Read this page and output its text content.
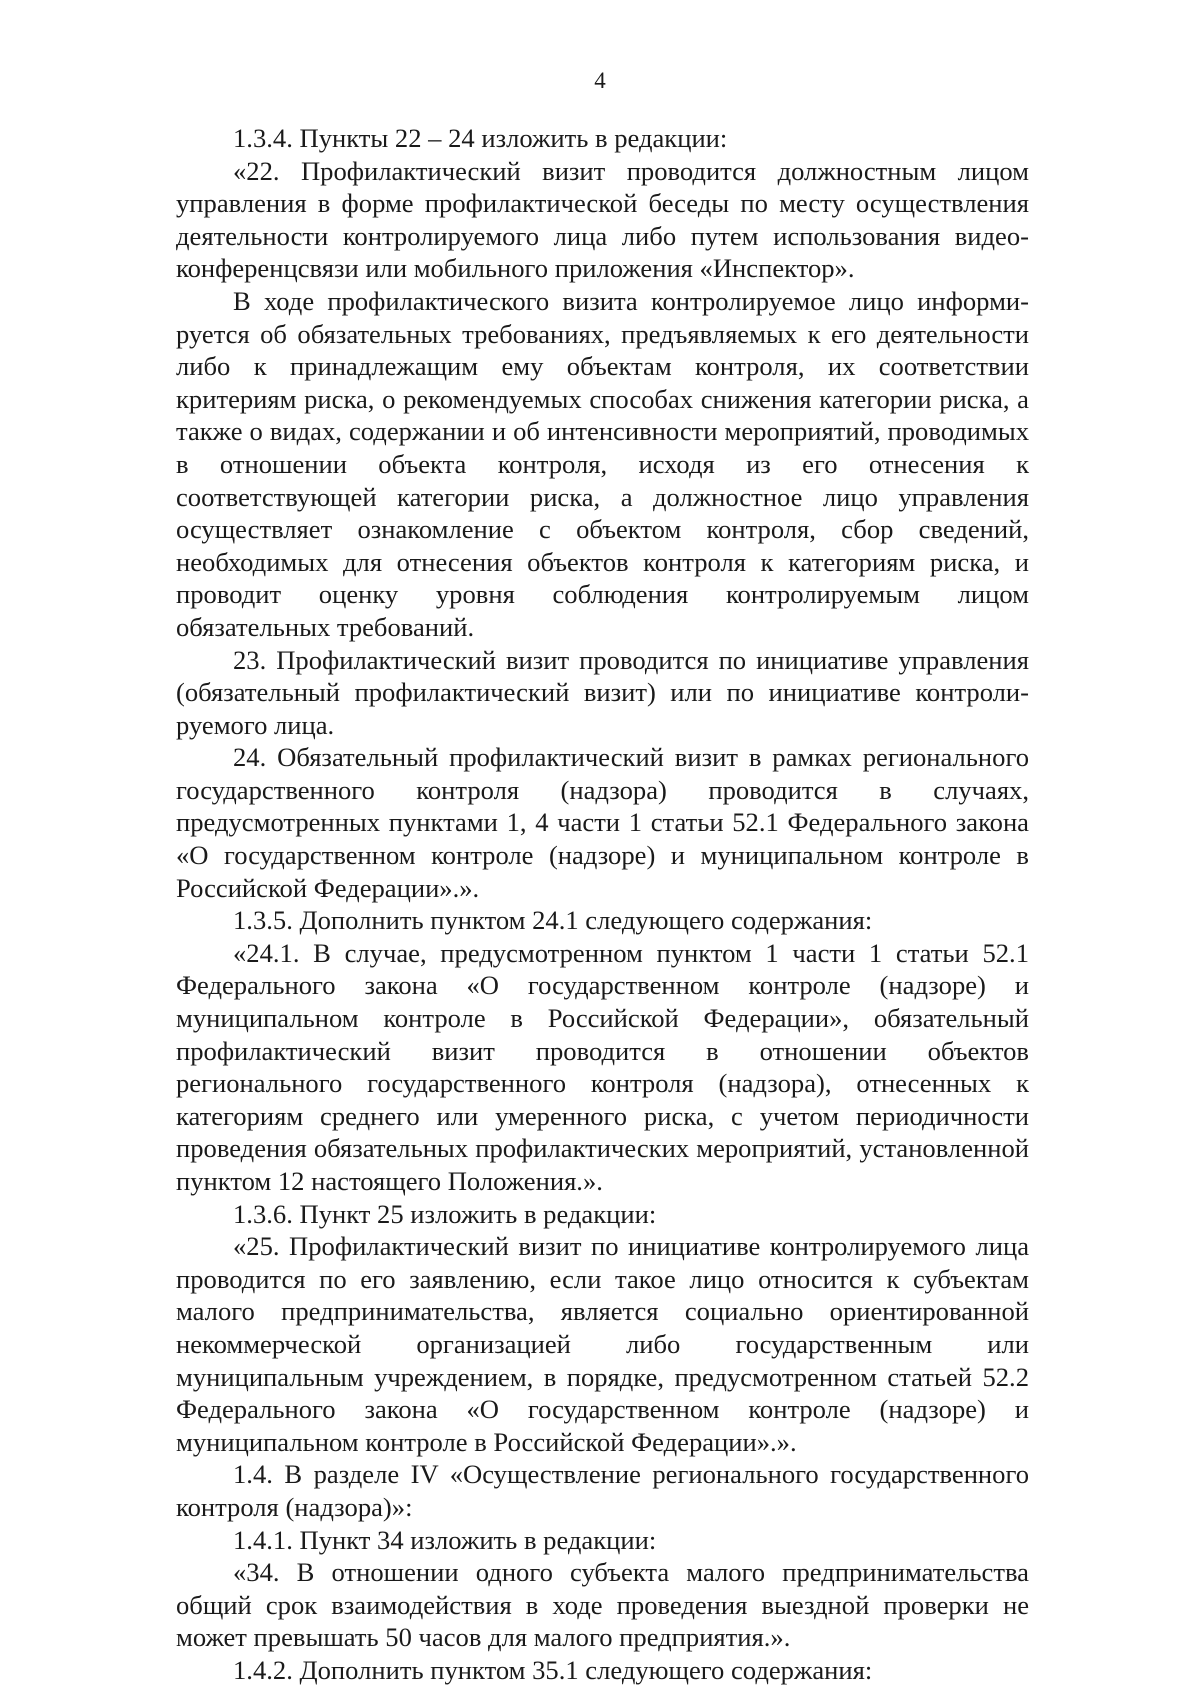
4

1.3.4. Пункты 22 – 24 изложить в редакции:

«22. Профилактический визит проводится должностным лицом управления в форме профилактической беседы по месту осуществления деятельности контролируемого лица либо путем использования видео-конференцсвязи или мобильного приложения «Инспектор».

В ходе профилактического визита контролируемое лицо информируется об обязательных требованиях, предъявляемых к его деятельности либо к принадлежащим ему объектам контроля, их соответствии критериям риска, о рекомендуемых способах снижения категории риска, а также о видах, содержании и об интенсивности мероприятий, проводимых в отношении объекта контроля, исходя из его отнесения к соответствующей категории риска, а должностное лицо управления осуществляет ознакомление с объектом контроля, сбор сведений, необходимых для отнесения объектов контроля к категориям риска, и проводит оценку уровня соблюдения контролируемым лицом обязательных требований.

23. Профилактический визит проводится по инициативе управления (обязательный профилактический визит) или по инициативе контролируемого лица.

24. Обязательный профилактический визит в рамках регионального государственного контроля (надзора) проводится в случаях, предусмотренных пунктами 1, 4 части 1 статьи 52.1 Федерального закона «О государственном контроле (надзоре) и муниципальном контроле в Российской Федерации».».

1.3.5. Дополнить пунктом 24.1 следующего содержания:

«24.1. В случае, предусмотренном пунктом 1 части 1 статьи 52.1 Федерального закона «О государственном контроле (надзоре) и муниципальном контроле в Российской Федерации», обязательный профилактический визит проводится в отношении объектов регионального государственного контроля (надзора), отнесенных к категориям среднего или умеренного риска, с учетом периодичности проведения обязательных профилактических мероприятий, установленной пунктом 12 настоящего Положения.».

1.3.6. Пункт 25 изложить в редакции:

«25. Профилактический визит по инициативе контролируемого лица проводится по его заявлению, если такое лицо относится к субъектам малого предпринимательства, является социально ориентированной некоммерческой организацией либо государственным или муниципальным учреждением, в порядке, предусмотренном статьей 52.2 Федерального закона «О государственном контроле (надзоре) и муниципальном контроле в Российской Федерации».».

1.4. В разделе IV «Осуществление регионального государственного контроля (надзора)»:

1.4.1. Пункт 34 изложить в редакции:

«34. В отношении одного субъекта малого предпринимательства общий срок взаимодействия в ходе проведения выездной проверки не может превышать 50 часов для малого предприятия.».

1.4.2. Дополнить пунктом 35.1 следующего содержания:
